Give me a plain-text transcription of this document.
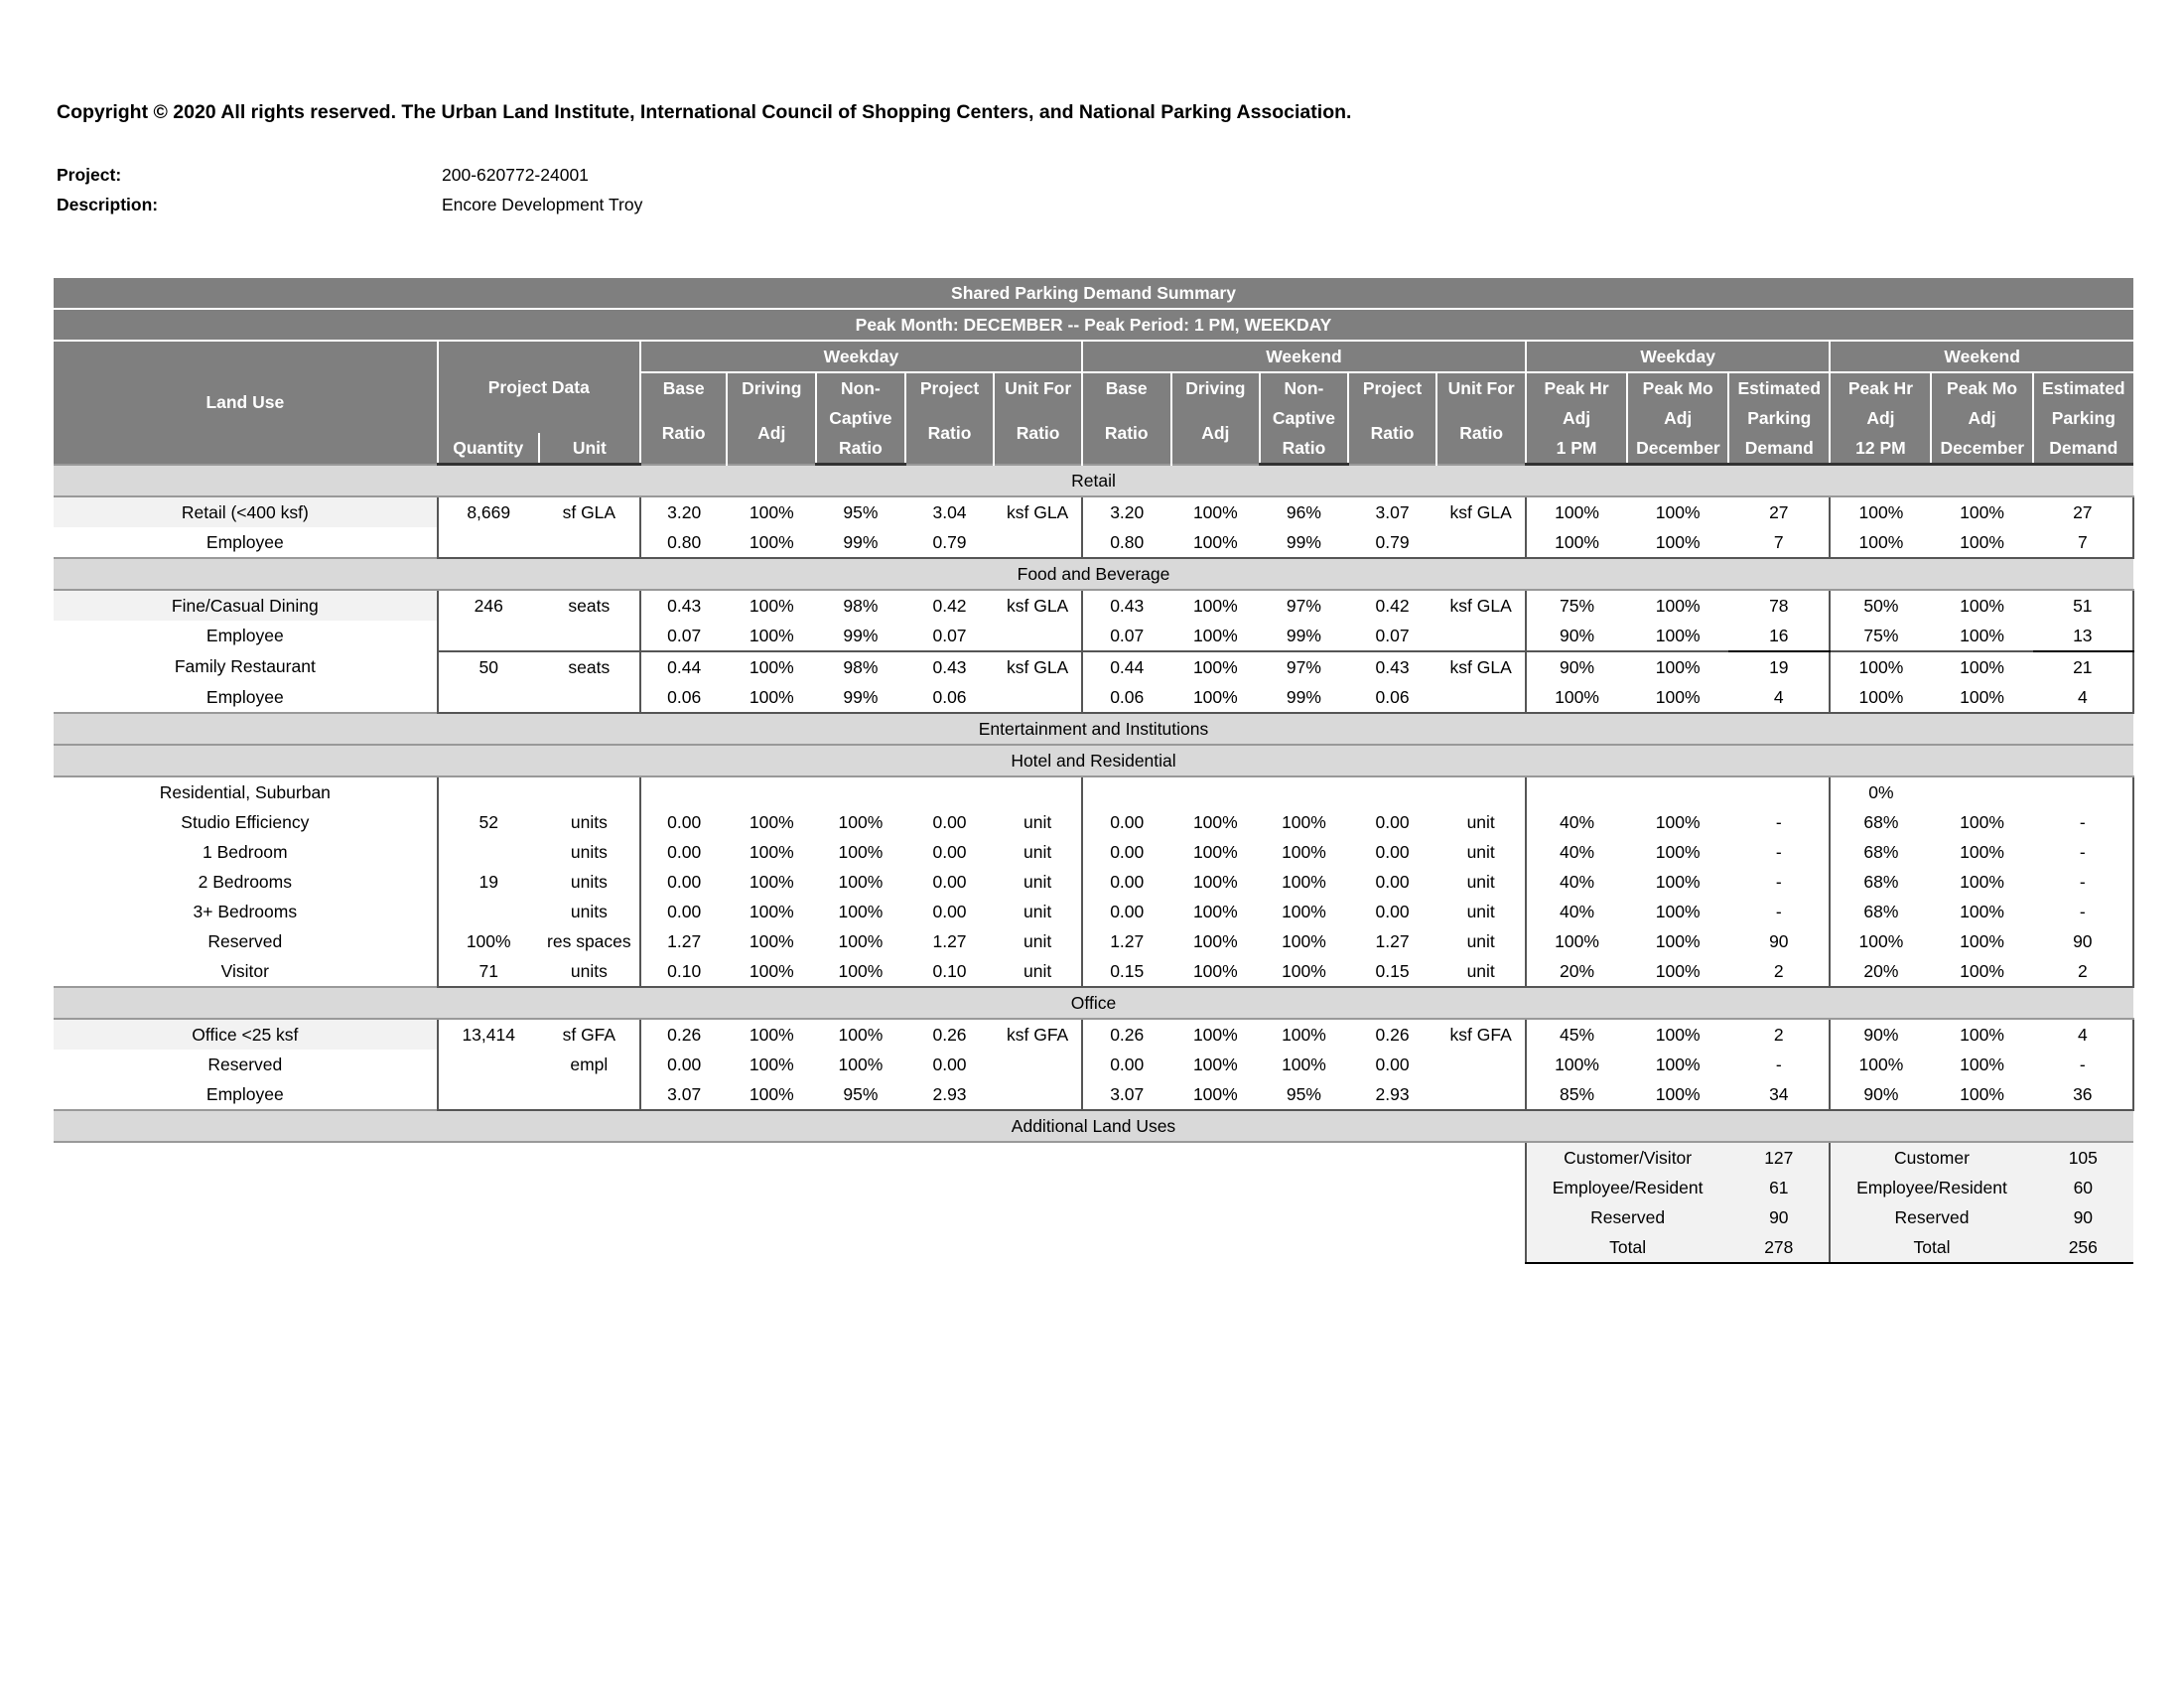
Copyright © 2020 All rights reserved. The Urban Land Institute, International Council of Shopping Centers, and National Parking Association.
Project:	200-620772-24001
Description:	Encore Development Troy
Shared Parking Demand Summary																		
Peak Month: DECEMBER -- Peak Period: 1 PM, WEEKDAY																		
Land Use	Project Data		Weekday					Weekend					Weekday			Weekend		
			Base	Driving	Non-	Project	Unit For	Base	Driving	Non-	Project	Unit For	Peak Hr	Peak Mo	Estimated	Peak Hr	Peak Mo	Estimated
			Ratio	Adj	Captive	Ratio	Ratio	Ratio	Adj	Captive	Ratio	Ratio	Adj	Adj	Parking	Adj	Adj	Parking
	Quantity	Unit			Ratio					Ratio			1 PM	December	Demand	12 PM	December	Demand
Retail																		
Retail (<400 ksf)	8,669	sf GLA	3.20	100%	95%	3.04	ksf GLA	3.20	100%	96%	3.07	ksf GLA	100%	100%	27	100%	100%	27
Employee			0.80	100%	99%	0.79		0.80	100%	99%	0.79		100%	100%	7	100%	100%	7
Food and Beverage																		
Fine/Casual Dining	246	seats	0.43	100%	98%	0.42	ksf GLA	0.43	100%	97%	0.42	ksf GLA	75%	100%	78	50%	100%	51
Employee			0.07	100%	99%	0.07		0.07	100%	99%	0.07		90%	100%	16	75%	100%	13
Family Restaurant	50	seats	0.44	100%	98%	0.43	ksf GLA	0.44	100%	97%	0.43	ksf GLA	90%	100%	19	100%	100%	21
Employee			0.06	100%	99%	0.06		0.06	100%	99%	0.06		100%	100%	4	100%	100%	4
Entertainment and Institutions																		
Hotel and Residential																		
Residential, Suburban																0%		
Studio Efficiency	52	units	0.00	100%	100%	0.00	unit	0.00	100%	100%	0.00	unit	40%	100%	-	68%	100%	-
1 Bedroom		units	0.00	100%	100%	0.00	unit	0.00	100%	100%	0.00	unit	40%	100%	-	68%	100%	-
2 Bedrooms	19	units	0.00	100%	100%	0.00	unit	0.00	100%	100%	0.00	unit	40%	100%	-	68%	100%	-
3+ Bedrooms		units	0.00	100%	100%	0.00	unit	0.00	100%	100%	0.00	unit	40%	100%	-	68%	100%	-
Reserved	100%	res spaces	1.27	100%	100%	1.27	unit	1.27	100%	100%	1.27	unit	100%	100%	90	100%	100%	90
Visitor	71	units	0.10	100%	100%	0.10	unit	0.15	100%	100%	0.15	unit	20%	100%	2	20%	100%	2
Office																		
Office <25 ksf	13,414	sf GFA	0.26	100%	100%	0.26	ksf GFA	0.26	100%	100%	0.26	ksf GFA	45%	100%	2	90%	100%	4
Reserved		empl	0.00	100%	100%	0.00		0.00	100%	100%	0.00		100%	100%	-	100%	100%	-
Employee			3.07	100%	95%	2.93		3.07	100%	95%	2.93		85%	100%	34	90%	100%	36
Additional Land Uses																		
													Customer/Visitor		127	Customer		105
													Employee/Resident		61	Employee/Resident		60
													Reserved		90	Reserved		90
													Total		278	Total		256
